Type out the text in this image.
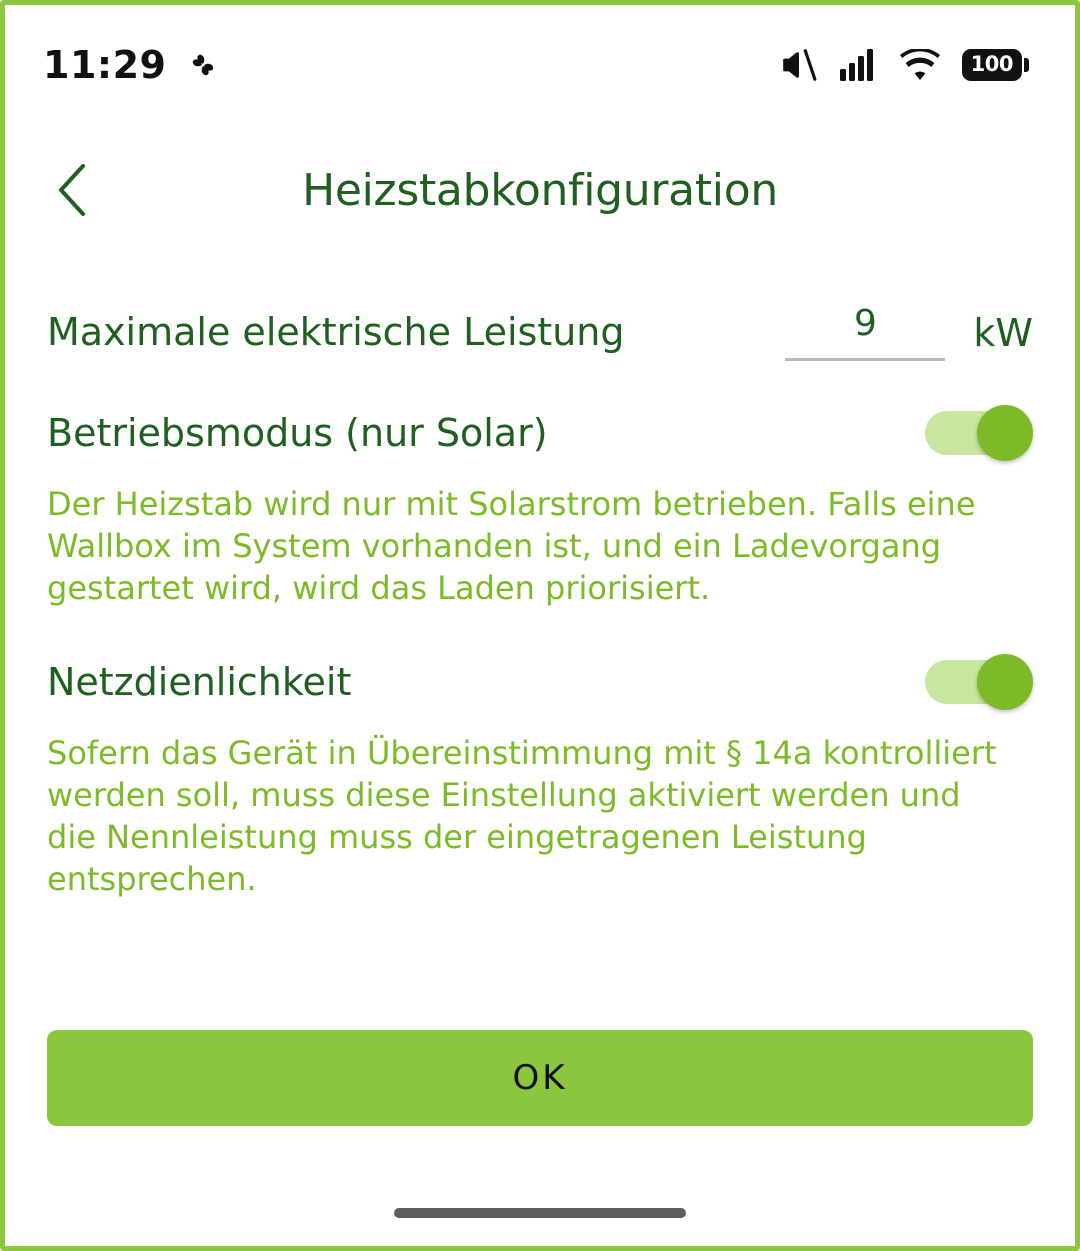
11:29	100
Heizstabkonfiguration
Maximale elektrische Leistung
9	kW
Betriebsmodus (nur Solar)

Der Heizstab wird nur mit Solarstrom betrieben. Falls eine Wallbox im System vorhanden ist, und ein Ladevorgang gestartet wird, wird das Laden priorisiert.

Netzdienlichkeit

Sofern das Gerät in Übereinstimmung mit § 14a kontrolliert werden soll, muss diese Einstellung aktiviert werden und die Nennleistung muss der eingetragenen Leistung entsprechen.

OK
